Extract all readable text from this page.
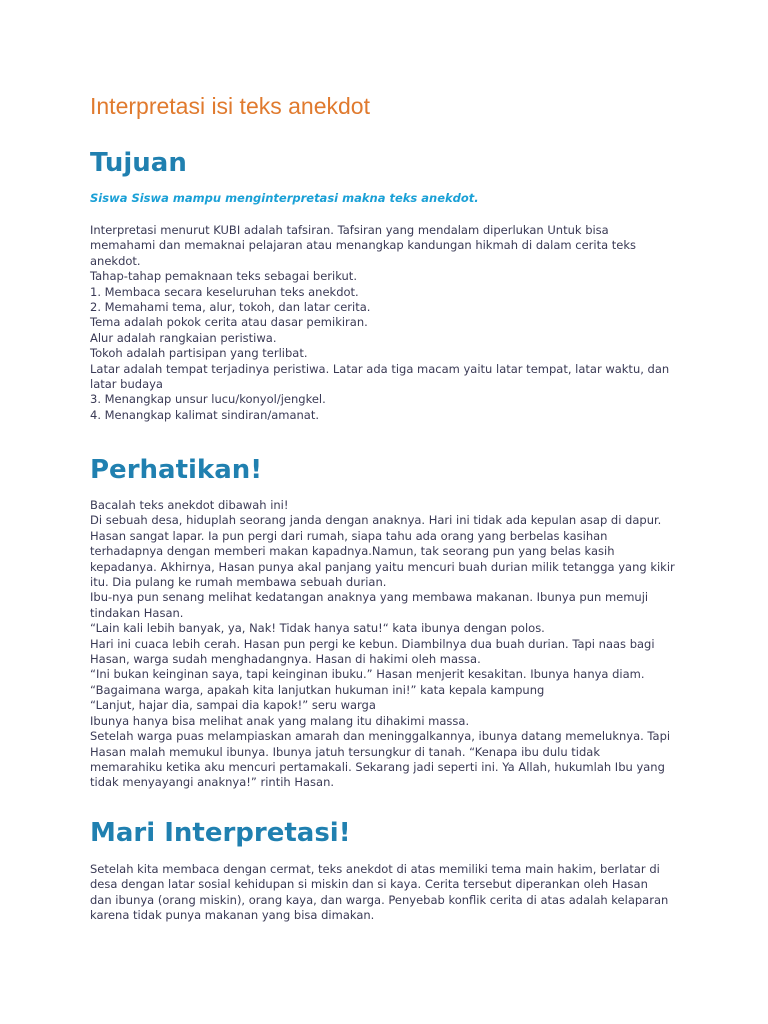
Interpretasi isi teks anekdot
Tujuan

Siswa Siswa mampu menginterpretasi makna teks anekdot.

Interpretasi menurut KUBI adalah tafsiran. Tafsiran yang mendalam diperlukan Untuk bisa
memahami dan memaknai pelajaran atau menangkap kandungan hikmah di dalam cerita teks
anekdot.
Tahap-tahap pemaknaan teks sebagai berikut.
1. Membaca secara keseluruhan teks anekdot.
2. Memahami tema, alur, tokoh, dan latar cerita.
Tema adalah pokok cerita atau dasar pemikiran.
Alur adalah rangkaian peristiwa.
Tokoh adalah partisipan yang terlibat.
Latar adalah tempat terjadinya peristiwa. Latar ada tiga macam yaitu latar tempat, latar waktu, dan
latar budaya
3. Menangkap unsur lucu/konyol/jengkel.
4. Menangkap kalimat sindiran/amanat.
Perhatikan!
Bacalah teks anekdot dibawah ini!
Di sebuah desa, hiduplah seorang janda dengan anaknya. Hari ini tidak ada kepulan asap di dapur.
Hasan sangat lapar. Ia pun pergi dari rumah, siapa tahu ada orang yang berbelas kasihan
terhadapnya dengan memberi makan kapadnya.Namun, tak seorang pun yang belas kasih
kepadanya. Akhirnya, Hasan punya akal panjang yaitu mencuri buah durian milik tetangga yang kikir
itu. Dia pulang ke rumah membawa sebuah durian.
Ibu-nya pun senang melihat kedatangan anaknya yang membawa makanan. Ibunya pun memuji
tindakan Hasan.
“Lain kali lebih banyak, ya, Nak! Tidak hanya satu!“ kata ibunya dengan polos.
Hari ini cuaca lebih cerah. Hasan pun pergi ke kebun. Diambilnya dua buah durian. Tapi naas bagi
Hasan, warga sudah menghadangnya. Hasan di hakimi oleh massa.
“Ini bukan keinginan saya, tapi keinginan ibuku.” Hasan menjerit kesakitan. Ibunya hanya diam.
“Bagaimana warga, apakah kita lanjutkan hukuman ini!” kata kepala kampung
“Lanjut, hajar dia, sampai dia kapok!” seru warga
Ibunya hanya bisa melihat anak yang malang itu dihakimi massa.
Setelah warga puas melampiaskan amarah dan meninggalkannya, ibunya datang memeluknya. Tapi
Hasan malah memukul ibunya. Ibunya jatuh tersungkur di tanah. “Kenapa ibu dulu tidak
memarahiku ketika aku mencuri pertamakali. Sekarang jadi seperti ini. Ya Allah, hukumlah Ibu yang
tidak menyayangi anaknya!” rintih Hasan.
Mari Interpretasi!
Setelah kita membaca dengan cermat, teks anekdot di atas memiliki tema main hakim, berlatar di
desa dengan latar sosial kehidupan si miskin dan si kaya. Cerita tersebut diperankan oleh Hasan
dan ibunya (orang miskin), orang kaya, dan warga. Penyebab konflik cerita di atas adalah kelaparan
karena tidak punya makanan yang bisa dimakan.
